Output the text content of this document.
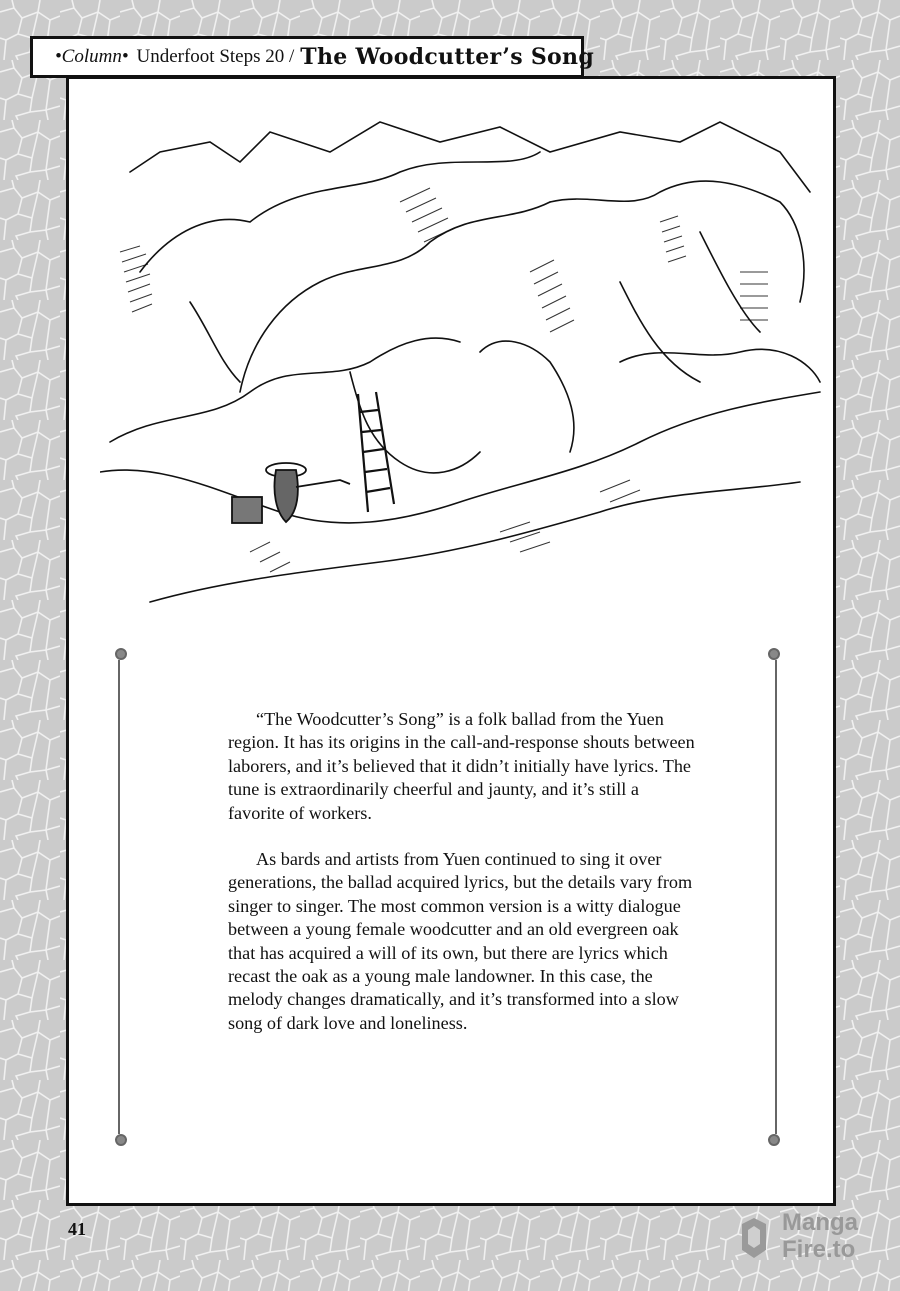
•Column• Underfoot Steps 20 / The Woodcutter’s Song

“The Woodcutter’s Song” is a folk ballad from the Yuen region. It has its origins in the call-and-response shouts between laborers, and it’s believed that it didn’t initially have lyrics. The tune is extraordinarily cheerful and jaunty, and it’s still a favorite of workers.

As bards and artists from Yuen continued to sing it over generations, the ballad acquired lyrics, but the details vary from singer to singer. The most common version is a witty dialogue between a young female woodcutter and an old evergreen oak that has acquired a will of its own, but there are lyrics which recast the oak as a young male landowner. In this case, the melody changes dramatically, and it’s transformed into a slow song of dark love and loneliness.

41	Manga
Fire.to
